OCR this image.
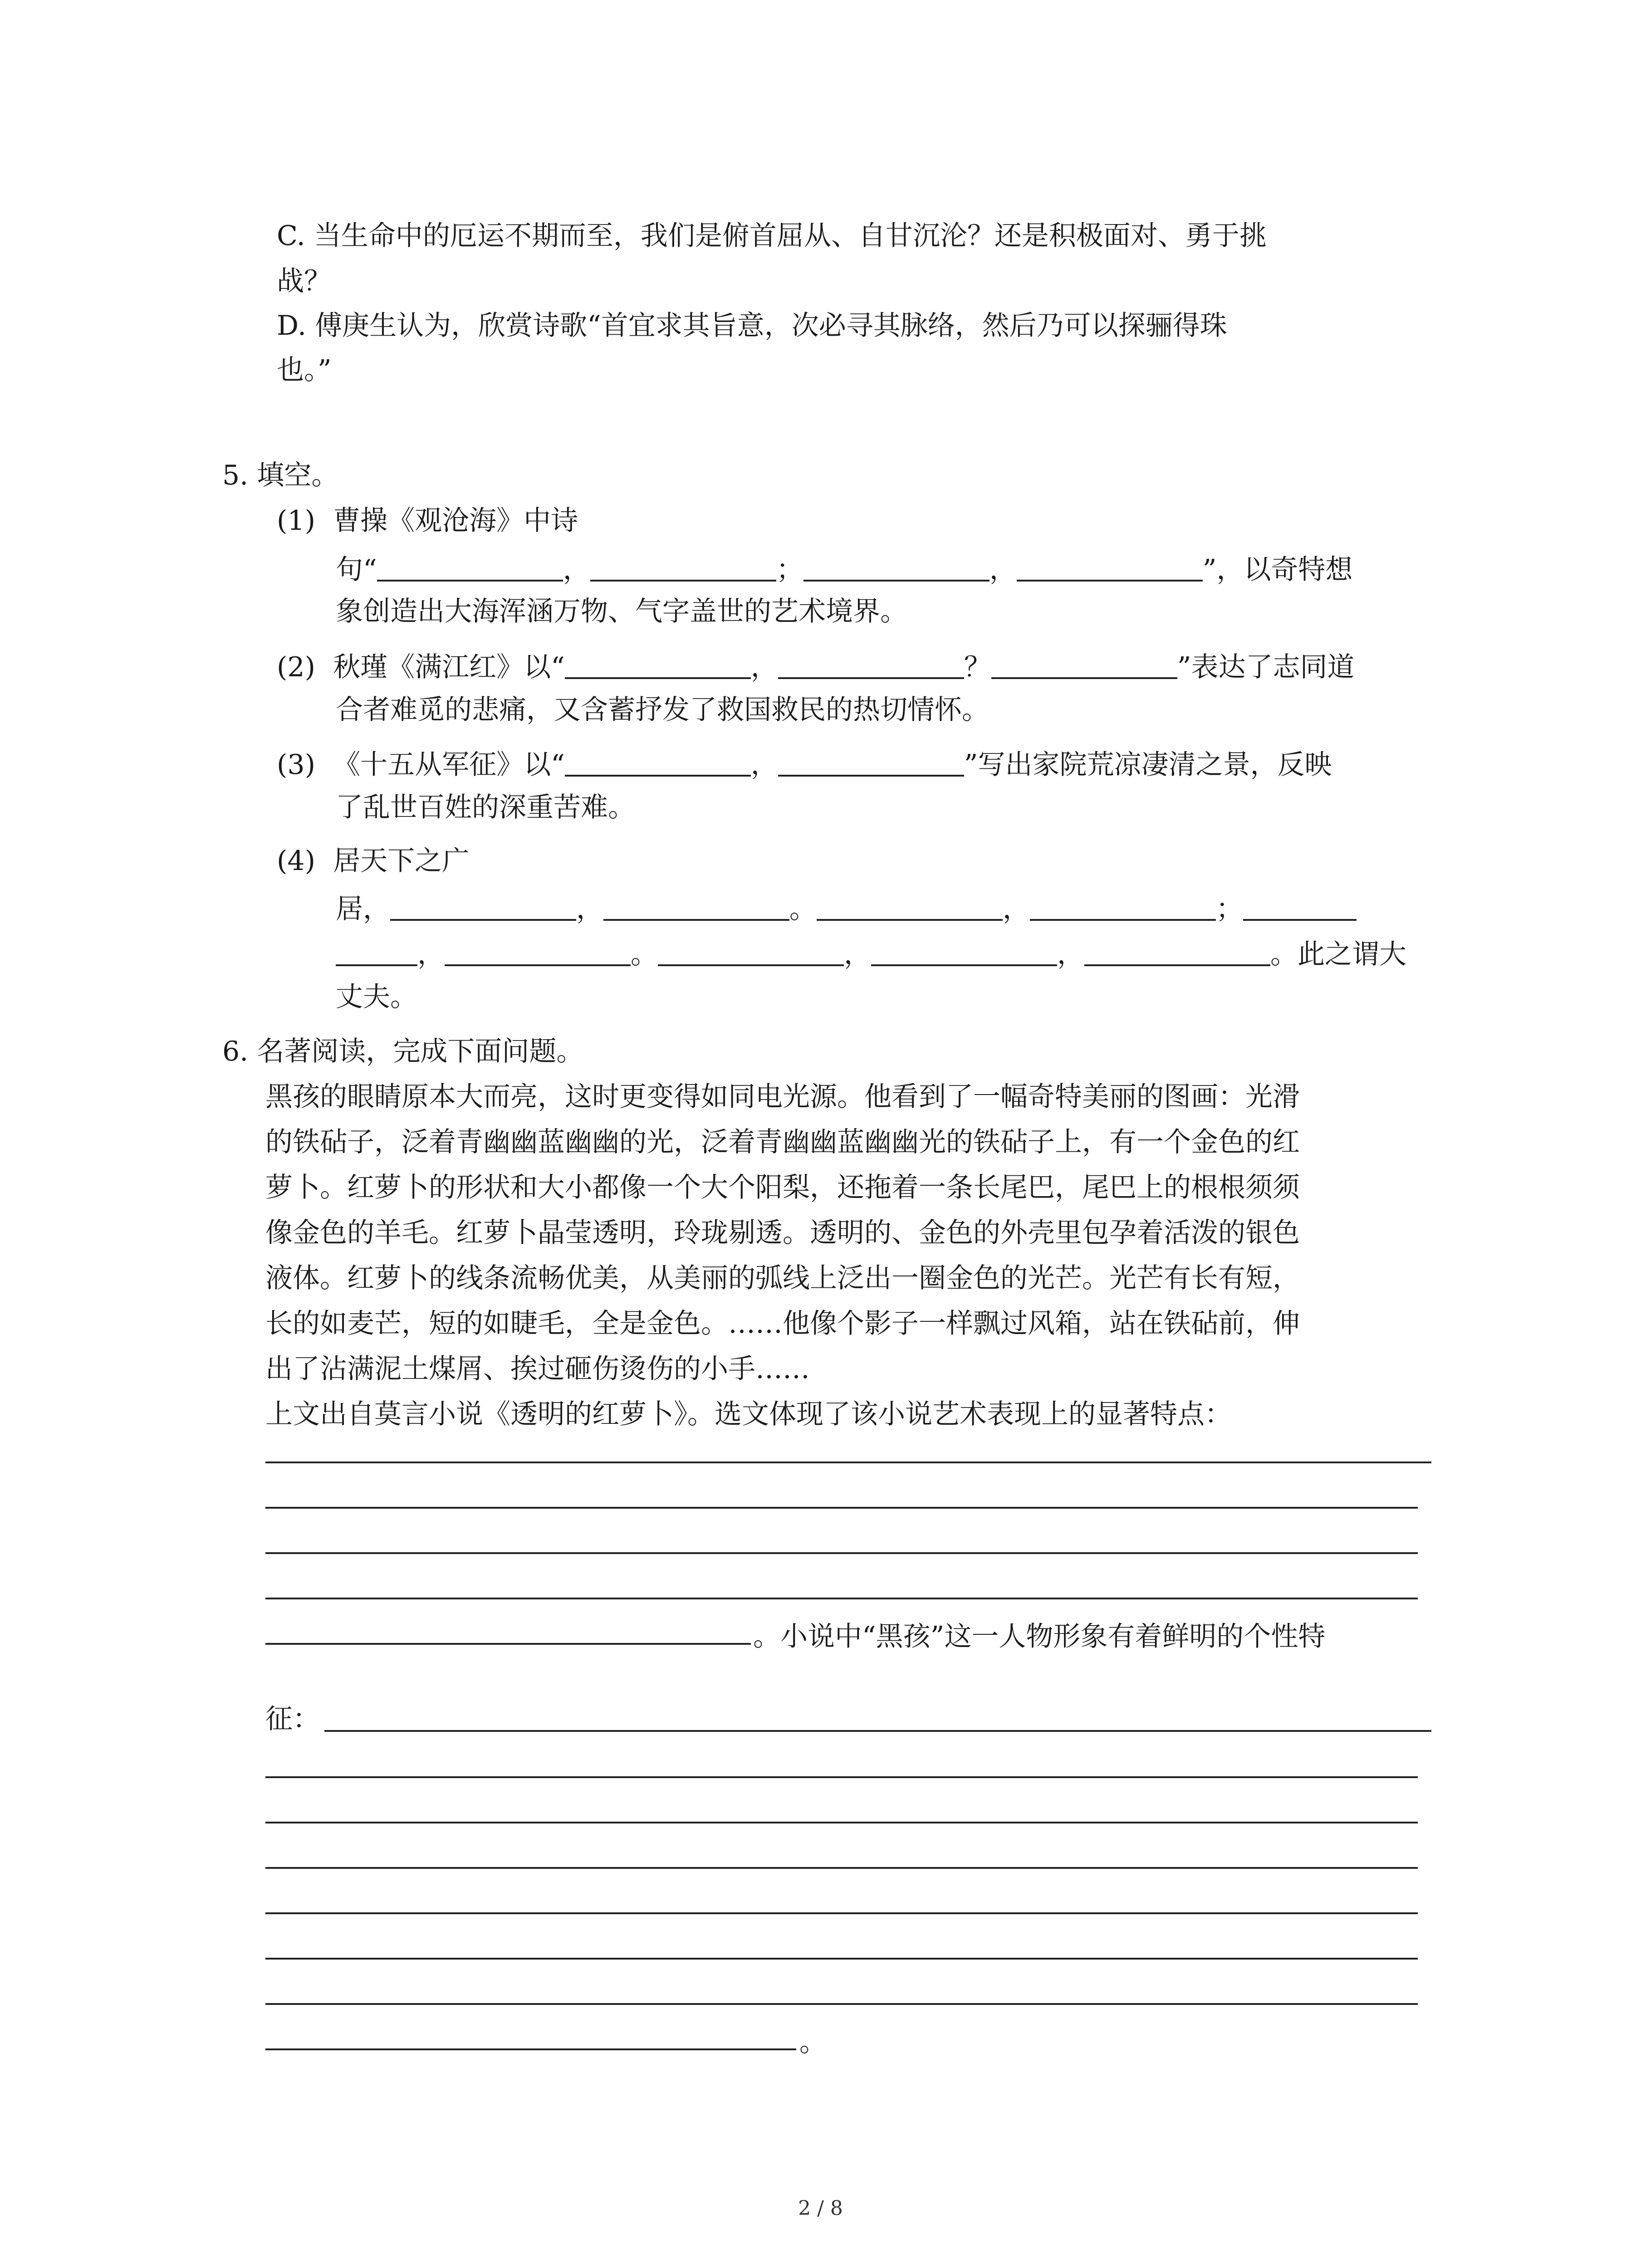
C. 当生命中的厄运不期而至，我们是俯首屈从、自甘沉沦？还是积极面对、勇于挑
战？
D. 傅庚生认为，欣赏诗歌“首宜求其旨意，次必寻其脉络，然后乃可以探骊得珠
也。”
5. 填空。
(1) 曹操《观沧海》中诗
句“	，	；	，	”，以奇特想
象创造出大海浑涵万物、气字盖世的艺术境界。
(2) 秋瑾《满江红》以“	，	？	”表达了志同道
合者难觅的悲痛，又含蓄抒发了救国救民的热切情怀。
(3) 《十五从军征》以“	，	”写出家院荒凉凄清之景，反映
了乱世百姓的深重苦难。
(4) 居天下之广
居，	，	。	，	；
，	。	，	，	。此之谓大
丈夫。
6. 名著阅读，完成下面问题。
黑孩的眼睛原本大而亮，这时更变得如同电光源。他看到了一幅奇特美丽的图画：光滑
的铁砧子，泛着青幽幽蓝幽幽的光，泛着青幽幽蓝幽幽光的铁砧子上，有一个金色的红
萝卜。红萝卜的形状和大小都像一个大个阳梨，还拖着一条长尾巴，尾巴上的根根须须
像金色的羊毛。红萝卜晶莹透明，玲珑剔透。透明的、金色的外壳里包孕着活泼的银色
液体。红萝卜的线条流畅优美，从美丽的弧线上泛出一圈金色的光芒。光芒有长有短，
长的如麦芒，短的如睫毛，全是金色。……他像个影子一样飘过风箱，站在铁砧前，伸
出了沾满泥土煤屑、挨过砸伤烫伤的小手……
上文出自莫言小说《透明的红萝卜》。选文体现了该小说艺术表现上的显著特点：
。小说中“黑孩”这一人物形象有着鲜明的个性特
征：
。
2 / 8
